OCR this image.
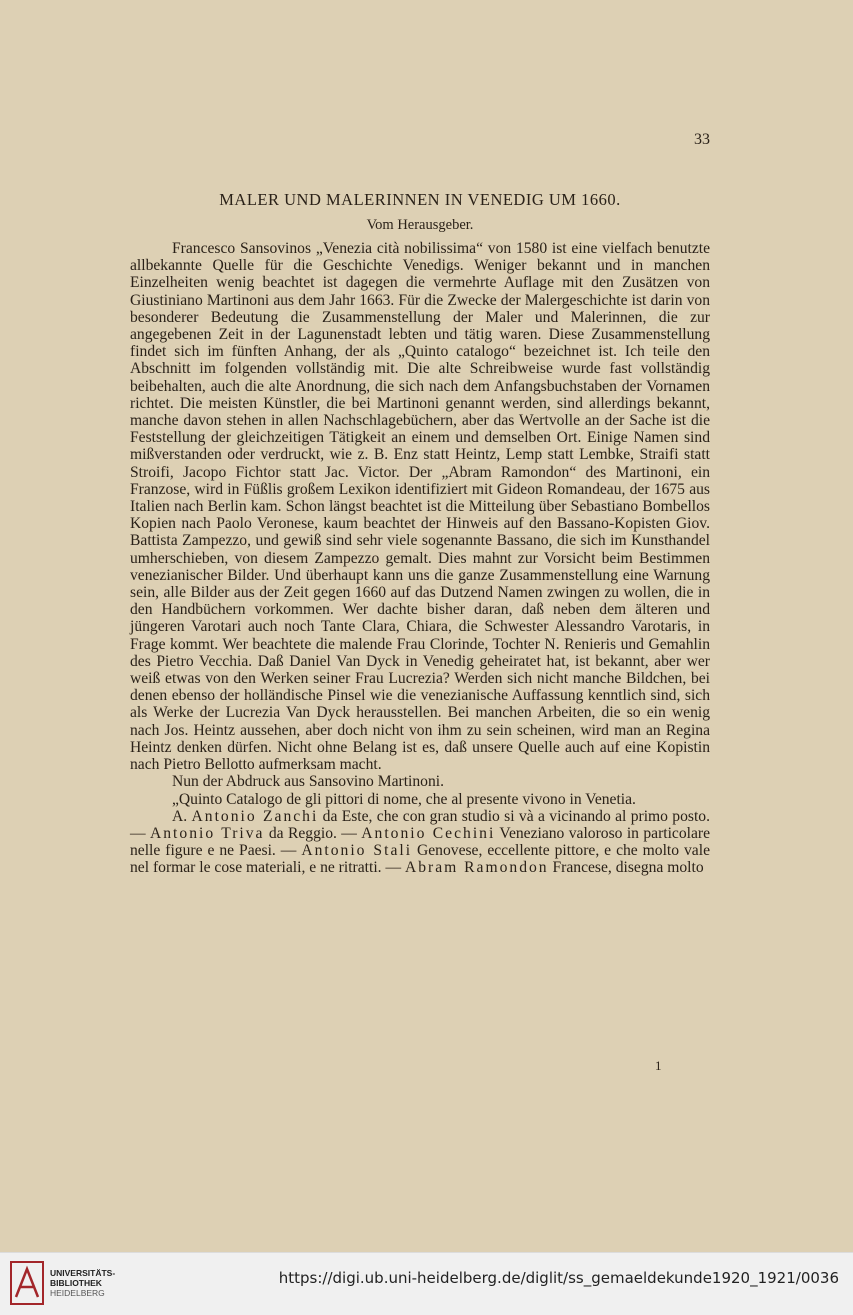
33
MALER UND MALERINNEN IN VENEDIG UM 1660.
Vom Herausgeber.

Francesco Sansovinos „Venezia cità nobilissima“ von 1580 ist eine vielfach benutzte allbekannte Quelle für die Geschichte Venedigs. Weniger bekannt und in manchen Einzelheiten wenig beachtet ist dagegen die vermehrte Auflage mit den Zusätzen von Giustiniano Martinoni aus dem Jahr 1663. Für die Zwecke der Malergeschichte ist darin von besonderer Bedeutung die Zusammenstellung der Maler und Malerinnen, die zur angegebenen Zeit in der Lagunenstadt lebten und tätig waren. Diese Zusammenstellung findet sich im fünften Anhang, der als „Quinto catalogo“ bezeichnet ist. Ich teile den Abschnitt im folgenden vollständig mit. Die alte Schreibweise wurde fast vollständig beibehalten, auch die alte Anordnung, die sich nach dem Anfangsbuchstaben der Vornamen richtet. Die meisten Künstler, die bei Martinoni genannt werden, sind allerdings bekannt, manche davon stehen in allen Nachschlagebüchern, aber das Wertvolle an der Sache ist die Feststellung der gleichzeitigen Tätigkeit an einem und demselben Ort. Einige Namen sind mißverstanden oder verdruckt, wie z. B. Enz statt Heintz, Lemp statt Lembke, Straifi statt Stroifi, Jacopo Fichtor statt Jac. Victor. Der „Abram Ramondon“ des Martinoni, ein Franzose, wird in Füßlis großem Lexikon identifiziert mit Gideon Romandeau, der 1675 aus Italien nach Berlin kam. Schon längst beachtet ist die Mitteilung über Sebastiano Bombellos Kopien nach Paolo Veronese, kaum beachtet der Hinweis auf den Bassano-Kopisten Giov. Battista Zampezzo, und gewiß sind sehr viele sogenannte Bassano, die sich im Kunsthandel umherschieben, von diesem Zampezzo gemalt. Dies mahnt zur Vorsicht beim Bestimmen venezianischer Bilder. Und überhaupt kann uns die ganze Zusammenstellung eine Warnung sein, alle Bilder aus der Zeit gegen 1660 auf das Dutzend Namen zwingen zu wollen, die in den Handbüchern vorkommen. Wer dachte bisher daran, daß neben dem älteren und jüngeren Varotari auch noch Tante Clara, Chiara, die Schwester Alessandro Varotaris, in Frage kommt. Wer beachtete die malende Frau Clorinde, Tochter N. Renieris und Gemahlin des Pietro Vecchia. Daß Daniel Van Dyck in Venedig geheiratet hat, ist bekannt, aber wer weiß etwas von den Werken seiner Frau Lucrezia? Werden sich nicht manche Bildchen, bei denen ebenso der holländische Pinsel wie die venezianische Auffassung kenntlich sind, sich als Werke der Lucrezia Van Dyck herausstellen. Bei manchen Arbeiten, die so ein wenig nach Jos. Heintz aussehen, aber doch nicht von ihm zu sein scheinen, wird man an Regina Heintz denken dürfen. Nicht ohne Belang ist es, daß unsere Quelle auch auf eine Kopistin nach Pietro Bellotto aufmerksam macht.

Nun der Abdruck aus Sansovino Martinoni.

„Quinto Catalogo de gli pittori di nome, che al presente vivono in Venetia.

A. Antonio Zanchi da Este, che con gran studio si và a vicinando al primo posto. — Antonio Triva da Reggio. — Antonio Cechini Veneziano valoroso in particolare nelle figure e ne Paesi. — Antonio Stali Genovese, eccellente pittore, e che molto vale nel formar le cose materiali, e ne ritratti. — Abram Ramondon Francese, disegna molto

1
UNIVERSITÄTS-
BIBLIOTHEK
HEIDELBERG
https://digi.ub.uni-heidelberg.de/diglit/ss_gemaeldekunde1920_1921/0036
